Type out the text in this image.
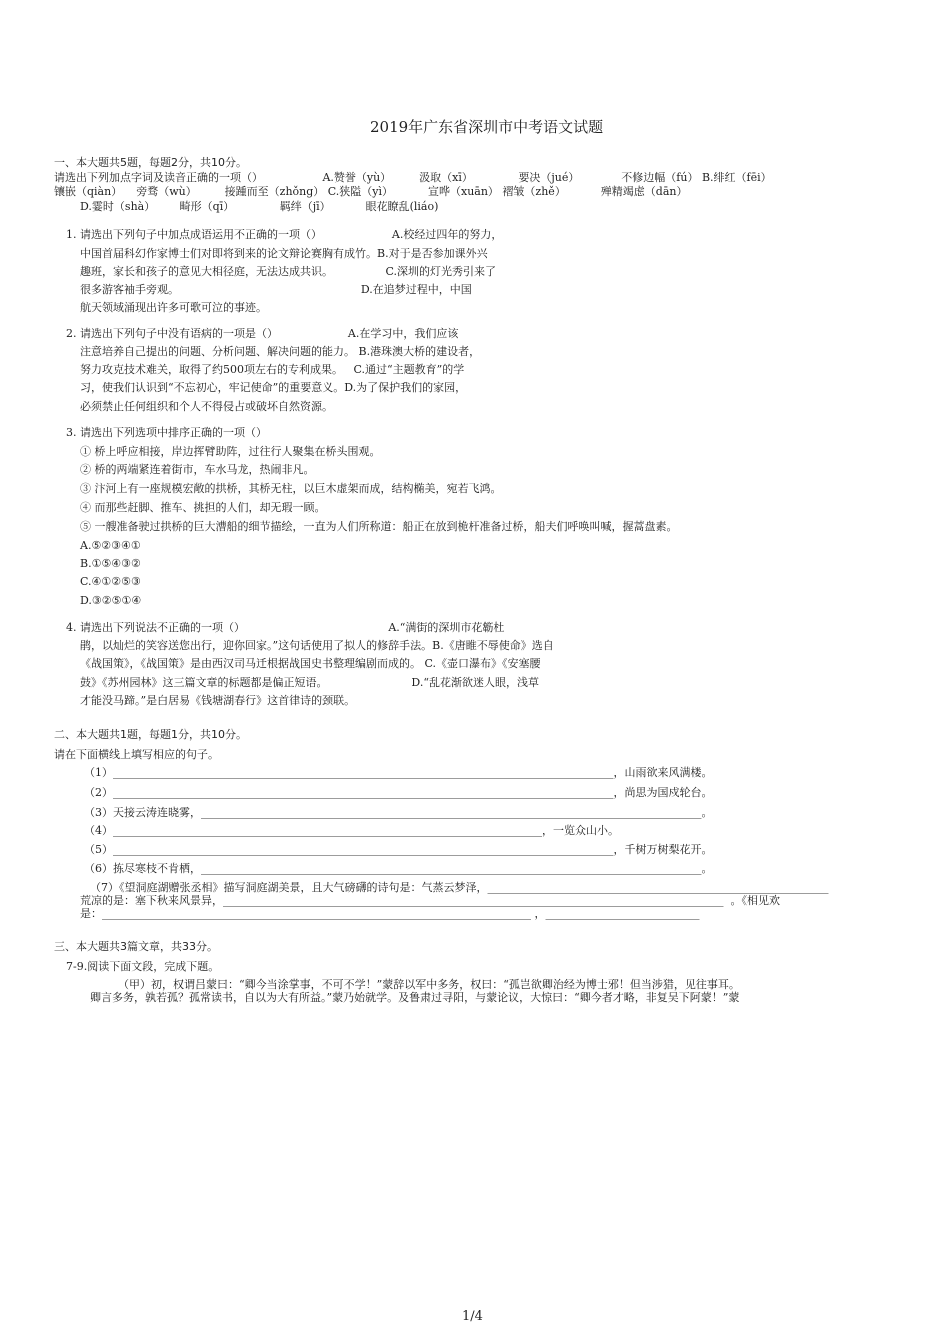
2019年广东省深圳市中考语文试题
一、本大题共5题，每题2分，共10分。
请选出下列加点字词及读音正确的一项（）                 A.赞誉（yù）        汲取（xī）             要决（jué）            不修边幅（fú） B.绯红（fēi）
镶嵌（qiàn）    旁骛（wù）        接踵而至（zhǒng） C.狭隘（yì）          宣哗（xuān） 褶皱（zhě）          殚精竭虑（dān）
D.霎时（shà）       畸形（qī）             羁绊（jī）          眼花瞭乱(liáo)
1. 请选出下列句子中加点成语运用不正确的一项（）                    A.校经过四年的努力，
中国首届科幻作家博士们对即将到来的论文辩论赛胸有成竹。B.对于是否参加课外兴
趣班，家长和孩子的意见大相径庭，无法达成共识。               C.深圳的灯光秀引来了
很多游客袖手旁观。                                                    D.在追梦过程中，中国
航天领域涌现出许多可歌可泣的事迹。
2. 请选出下列句子中没有语病的一项是（）                    A.在学习中，我们应该
注意培养自己提出的问题、分析问题、解决问题的能力。 B.港珠澳大桥的建设者，
努力攻克技术难关，取得了约500项左右的专利成果。   C.通过“主题教育”的学
习，使我们认识到“不忘初心，牢记使命”的重要意义。D.为了保护我们的家园，
必须禁止任何组织和个人不得侵占或破坏自然资源。
3. 请选出下列选项中排序正确的一项（）
① 桥上呼应相接，岸边挥臂助阵，过往行人聚集在桥头围观。
② 桥的两端紧连着街市，车水马龙，热闹非凡。
③ 汴河上有一座规模宏敞的拱桥，其桥无柱，以巨木虚架而成，结构椭美，宛若飞鸿。
④ 而那些赶脚、推车、挑担的人们，却无瑕一顾。
⑤ 一艘准备驶过拱桥的巨大漕船的细节描绘，一直为人们所称道：船正在放到桅杆准备过桥，船夫们呼唤叫喊，握蒿盘素。
A.⑤②③④①
B.①⑤④③②
C.④①②⑤③
D.③②⑤①④
4. 请选出下列说法不正确的一项（）                                         A.“满街的深圳市花簕杜
鹃，以灿烂的笑容送您出行，迎你回家。”这句话使用了拟人的修辞手法。B.《唐睢不辱使命》选自
《战国策》，《战国策》是由西汉司马迁根据战国史书整理编剧而成的。 C.《壶口瀑布》《安塞腰
鼓》《苏州园林》这三篇文章的标题都是偏正短语。                        D.“乱花渐欲迷人眼，浅草
才能没马蹄。”是白居易《钱塘湖春行》这首律诗的颈联。
二、本大题共1题，每题1分，共10分。
请在下面横线上填写相应的句子。
（1）___________________________________________________________________________________________，山雨欲来风满楼。
（2）___________________________________________________________________________________________，尚思为国戍轮台。
（3）天接云涛连晓雾，___________________________________________________________________________________________。
（4）______________________________________________________________________________，一览众山小。
（5）___________________________________________________________________________________________，千树万树梨花开。
（6）拣尽寒枝不肯栖，___________________________________________________________________________________________。
（7）《望洞庭湖赠张丞相》描写洞庭湖美景，且大气磅礴的诗句是：气蒸云梦泽，______________________________________________________________
荒凉的是：塞下秋来风景异，___________________________________________________________________________________________  。《相见欢
是：______________________________________________________________________________ ，____________________________
三、本大题共3篇文章，共33分。
7-9.阅读下面文段，完成下题。
（甲）初，权谓吕蒙曰：“卿今当涂掌事，不可不学！”蒙辞以军中多务，权曰：“孤岂欲卿治经为博士邪！但当涉猎，见往事耳。
卿言多务，孰若孤？孤常读书，自以为大有所益。”蒙乃始就学。及鲁肃过寻阳，与蒙论议，大惊曰：“卿今者才略，非复吴下阿蒙！”蒙
1/4
